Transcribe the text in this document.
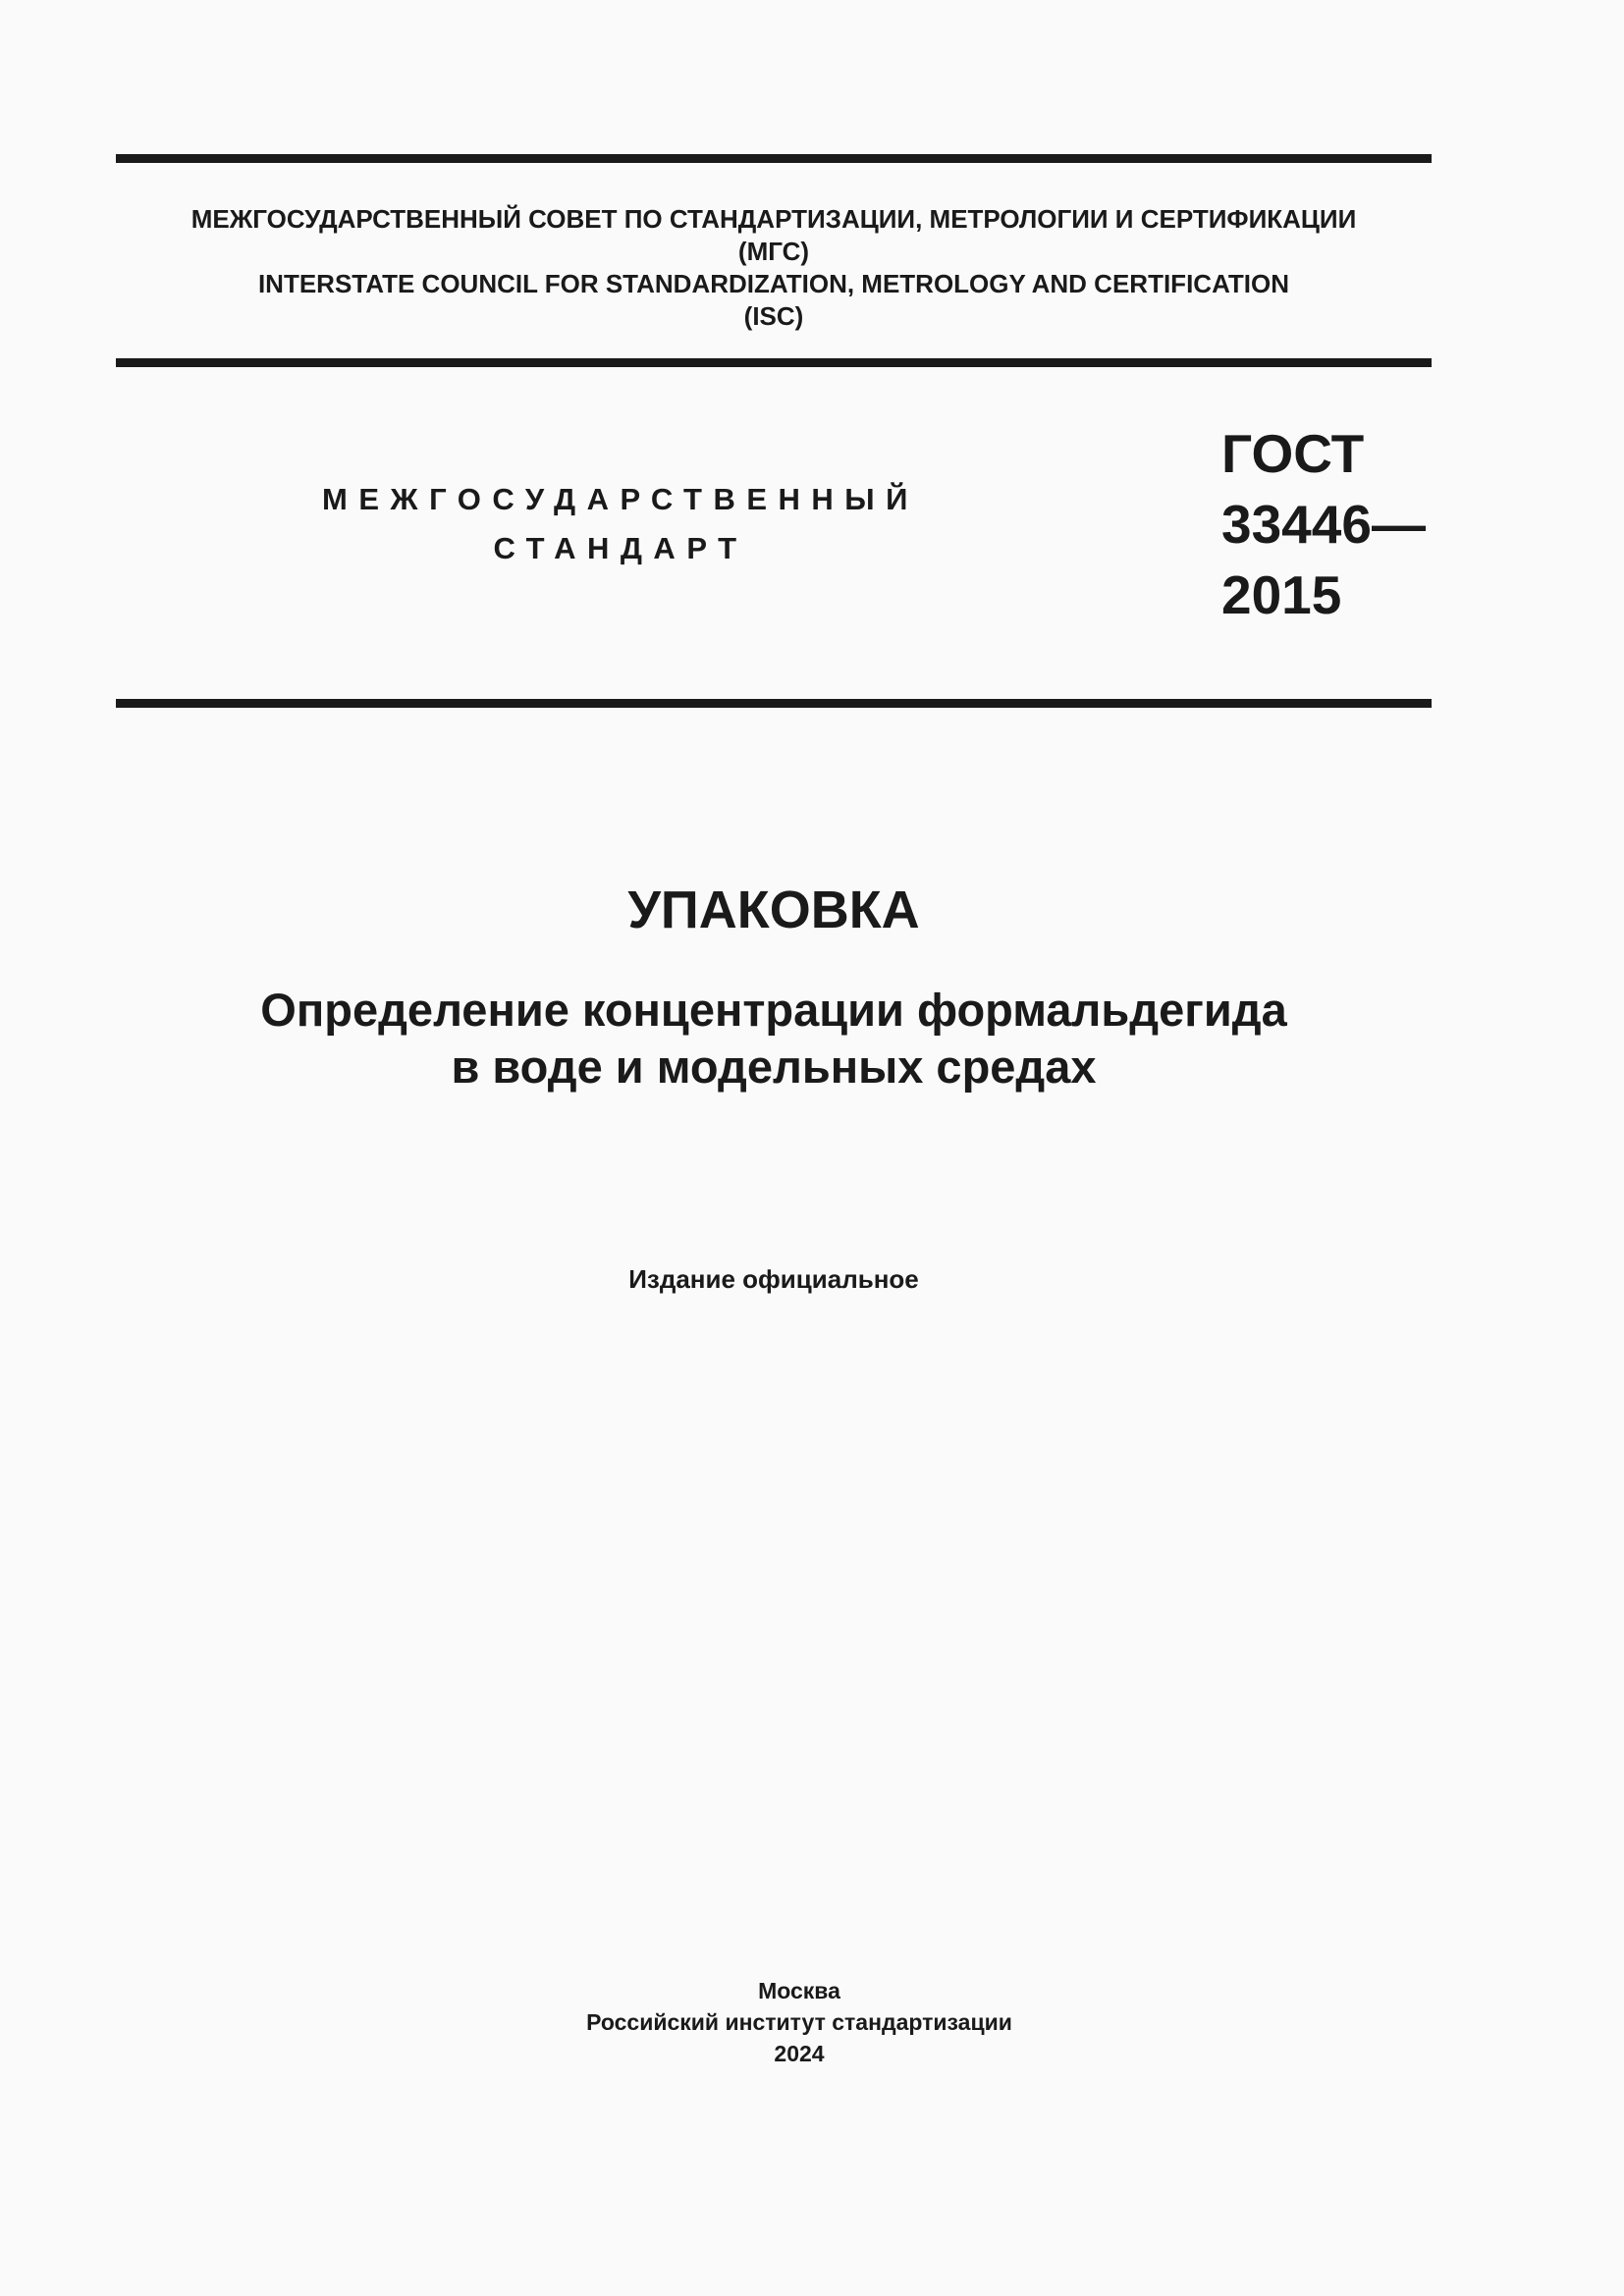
МЕЖГОСУДАРСТВЕННЫЙ СОВЕТ ПО СТАНДАРТИЗАЦИИ, МЕТРОЛОГИИ И СЕРТИФИКАЦИИ
(МГС)
INTERSTATE COUNCIL FOR STANDARDIZATION, METROLOGY AND CERTIFICATION
(ISC)
МЕЖГОСУДАРСТВЕННЫЙ
СТАНДАРТ
ГОСТ
33446—
2015
УПАКОВКА
Определение концентрации формальдегида
в воде и модельных средах
Издание официальное
Москва
Российский институт стандартизации
2024
